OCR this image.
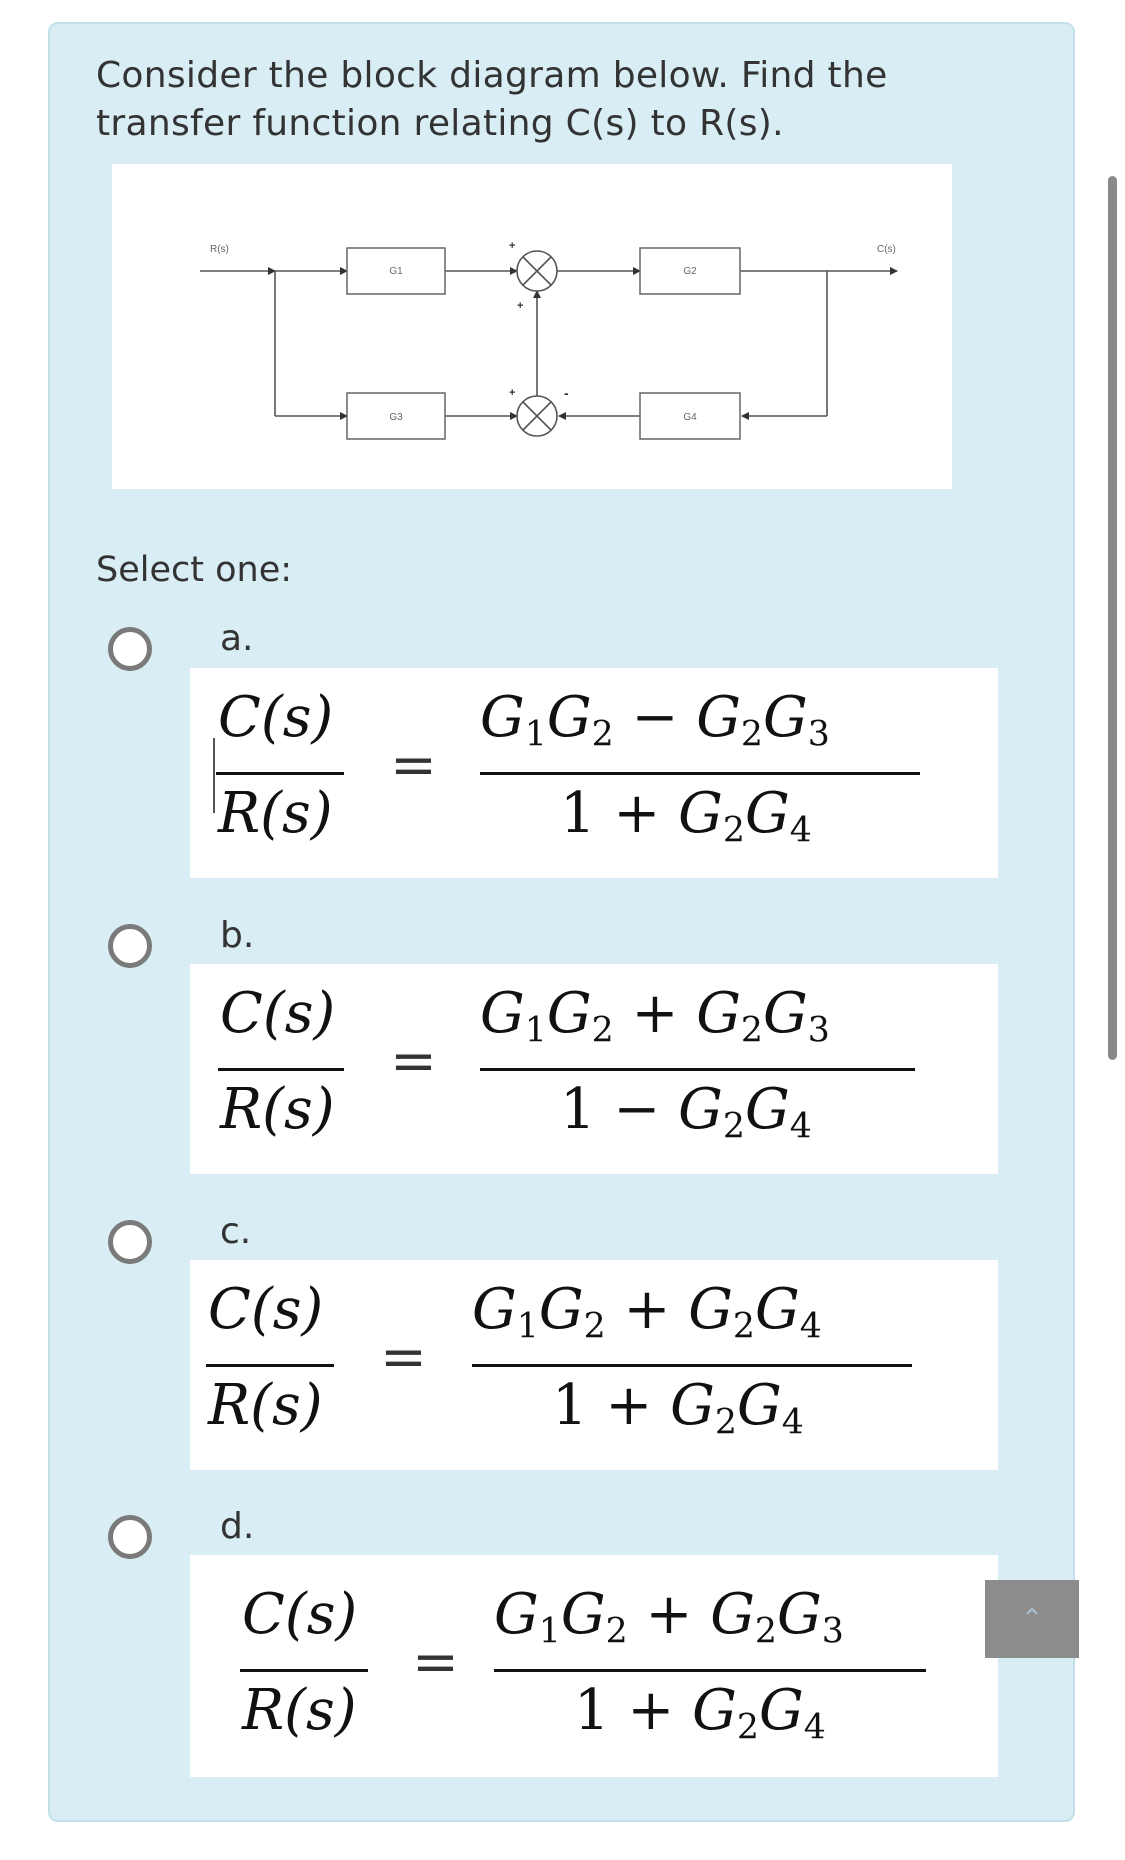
Consider the block diagram below. Find the
transfer function relating C(s) to R(s).
G1	G2
G3	G4
R(s)	C(s)
+
+
+	-
Select one:
a.
C(s)
R(s)
=
$G_1G_2 - G_2G_3$
$1 + G_2G_4$
b.
C(s)
R(s)
=
$G_1G_2 + G_2G_3$
$1 - G_2G_4$
c.
C(s)
R(s)
=
$G_1G_2 + G_2G_4$
$1 + G_2G_4$
d.
C(s)
R(s)
=
$G_1G_2 + G_2G_3$
$1 + G_2G_4$
⌃
